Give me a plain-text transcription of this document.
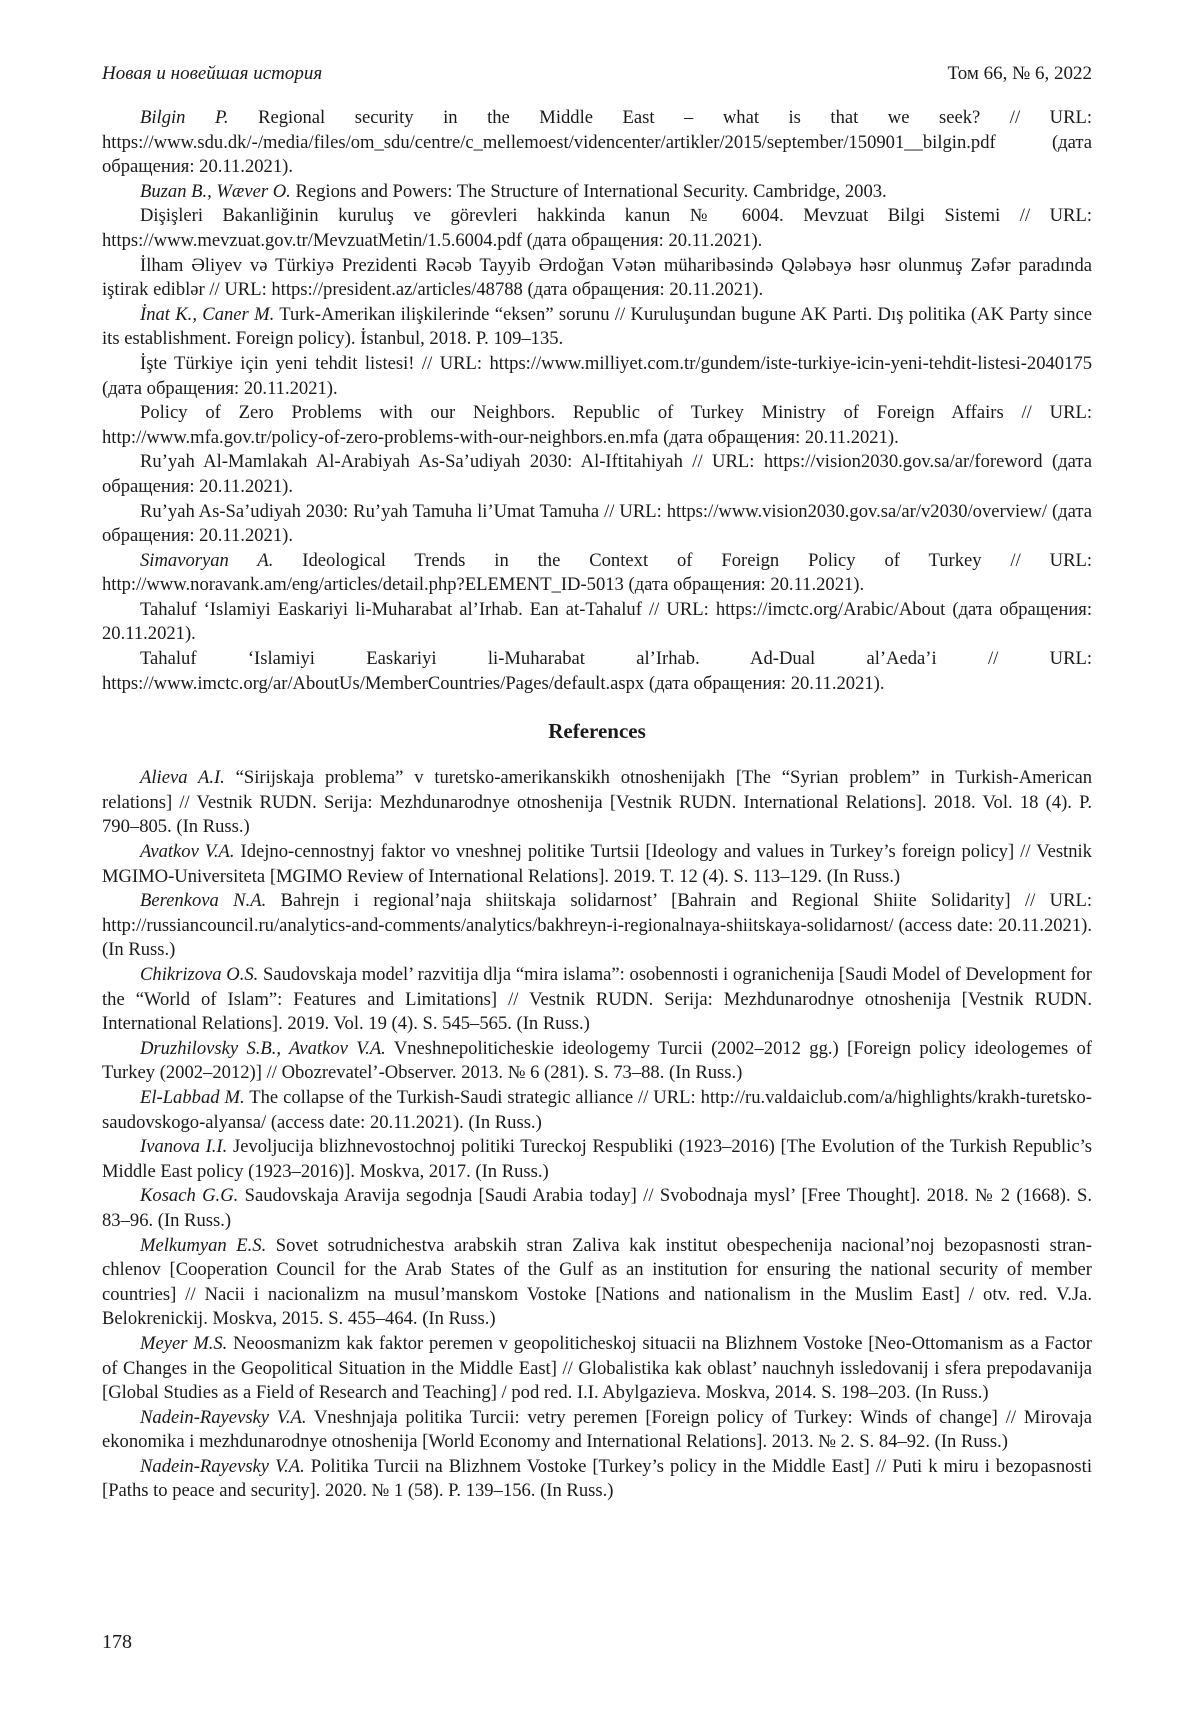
Новая и новейшая история	Том 66, № 6, 2022

Bilgin P. Regional security in the Middle East – what is that we seek? // URL: https://www.sdu.dk/-/media/files/om_sdu/centre/c_mellemoest/videncenter/artikler/2015/september/150901__bilgin.pdf (дата обращения: 20.11.2021).

Buzan B., Wæver O. Regions and Powers: The Structure of International Security. Cambridge, 2003.

Dişişleri Bakanliğinin kuruluş ve görevleri hakkinda kanun № 6004. Mevzuat Bilgi Sistemi // URL: https://www.mevzuat.gov.tr/MevzuatMetin/1.5.6004.pdf (дата обращения: 20.11.2021).

İlham Əliyev və Türkiyə Prezidenti Rəcəb Tayyib Ərdoğan Vətən müharibəsində Qələbəyə həsr olunmuş Zəfər paradında iştirak ediblər // URL: https://president.az/articles/48788 (дата обращения: 20.11.2021).

İnat K., Caner M. Turk-Amerikan ilişkilerinde “eksen” sorunu // Kuruluşundan bugune AK Parti. Dış politika (AK Party since its establishment. Foreign policy). İstanbul, 2018. P. 109–135.

İşte Türkiye için yeni tehdit listesi! // URL: https://www.milliyet.com.tr/gundem/iste-turkiye-icin-yeni-tehdit-listesi-2040175 (дата обращения: 20.11.2021).

Policy of Zero Problems with our Neighbors. Republic of Turkey Ministry of Foreign Affairs // URL: http://www.mfa.gov.tr/policy-of-zero-problems-with-our-neighbors.en.mfa (дата обращения: 20.11.2021).

Ru’yah Al-Mamlakah Al-Arabiyah As-Sa’udiyah 2030: Al-Iftitahiyah // URL: https://vision2030.gov.sa/ar/foreword (дата обращения: 20.11.2021).

Ru’yah As-Sa’udiyah 2030: Ru’yah Tamuha li’Umat Tamuha // URL: https://www.vision2030.gov.sa/ar/v2030/overview/ (дата обращения: 20.11.2021).

Simavoryan A. Ideological Trends in the Context of Foreign Policy of Turkey // URL: http://www.noravank.am/eng/articles/detail.php?ELEMENT_ID-5013 (дата обращения: 20.11.2021).

Tahaluf ‘Islamiyi Easkariyi li-Muharabat al’Irhab. Ean at-Tahaluf // URL: https://imctc.org/Arabic/About (дата обращения: 20.11.2021).

Tahaluf ‘Islamiyi Easkariyi li-Muharabat al’Irhab. Ad-Dual al’Aeda’i // URL: https://www.imctc.org/ar/AboutUs/MemberCountries/Pages/default.aspx (дата обращения: 20.11.2021).

References

Alieva A.I. “Sirijskaja problema” v turetsko-amerikanskikh otnoshenijakh [The “Syrian problem” in Turkish-American relations] // Vestnik RUDN. Serija: Mezhdunarodnye otnoshenija [Vestnik RUDN. International Relations]. 2018. Vol. 18 (4). P. 790–805. (In Russ.)

Avatkov V.A. Idejno-cennostnyj faktor vo vneshnej politike Turtsii [Ideology and values in Turkey’s foreign policy] // Vestnik MGIMO-Universiteta [MGIMO Review of International Relations]. 2019. T. 12 (4). S. 113–129. (In Russ.)

Berenkova N.A. Bahrejn i regional’naja shiitskaja solidarnost’ [Bahrain and Regional Shiite Solidarity] // URL: http://russiancouncil.ru/analytics-and-comments/analytics/bakhreyn-i-regionalnaya-shiitskaya-solidarnost/ (access date: 20.11.2021). (In Russ.)

Chikrizova O.S. Saudovskaja model’ razvitija dlja “mira islama”: osobennosti i ogranichenija [Saudi Model of Development for the “World of Islam”: Features and Limitations] // Vestnik RUDN. Serija: Mezhdunarodnye otnoshenija [Vestnik RUDN. International Relations]. 2019. Vol. 19 (4). S. 545–565. (In Russ.)

Druzhilovsky S.B., Avatkov V.A. Vneshnepoliticheskie ideologemy Turcii (2002–2012 gg.) [Foreign policy ideologemes of Turkey (2002–2012)] // Obozrevatel’-Observer. 2013. № 6 (281). S. 73–88. (In Russ.)

El-Labbad M. The collapse of the Turkish-Saudi strategic alliance // URL: http://ru.valdaiclub.com/a/highlights/krakh-turetsko-saudovskogo-alyansa/ (access date: 20.11.2021). (In Russ.)

Ivanova I.I. Jevoljucija blizhnevostochnoj politiki Tureckoj Respubliki (1923–2016) [The Evolution of the Turkish Republic’s Middle East policy (1923–2016)]. Moskva, 2017. (In Russ.)

Kosach G.G. Saudovskaja Aravija segodnja [Saudi Arabia today] // Svobodnaja mysl’ [Free Thought]. 2018. № 2 (1668). S. 83–96. (In Russ.)

Melkumyan E.S. Sovet sotrudnichestva arabskih stran Zaliva kak institut obespechenija nacional’noj bezopasnosti stran-chlenov [Cooperation Council for the Arab States of the Gulf as an institution for ensuring the national security of member countries] // Nacii i nacionalizm na musul’manskom Vostoke [Nations and nationalism in the Muslim East] / otv. red. V.Ja. Belokrenickij. Moskva, 2015. S. 455–464. (In Russ.)

Meyer M.S. Neoosmanizm kak faktor peremen v geopoliticheskoj situacii na Blizhnem Vostoke [Neo-Ottomanism as a Factor of Changes in the Geopolitical Situation in the Middle East] // Globalistika kak oblast’ nauchnyh issledovanij i sfera prepodavanija [Global Studies as a Field of Research and Teaching] / pod red. I.I. Abylgazieva. Moskva, 2014. S. 198–203. (In Russ.)

Nadein-Rayevsky V.A. Vneshnjaja politika Turcii: vetry peremen [Foreign policy of Turkey: Winds of change] // Mirovaja ekonomika i mezhdunarodnye otnoshenija [World Economy and International Relations]. 2013. № 2. S. 84–92. (In Russ.)

Nadein-Rayevsky V.A. Politika Turcii na Blizhnem Vostoke [Turkey’s policy in the Middle East] // Puti k miru i bezopasnosti [Paths to peace and security]. 2020. № 1 (58). P. 139–156. (In Russ.)

178
